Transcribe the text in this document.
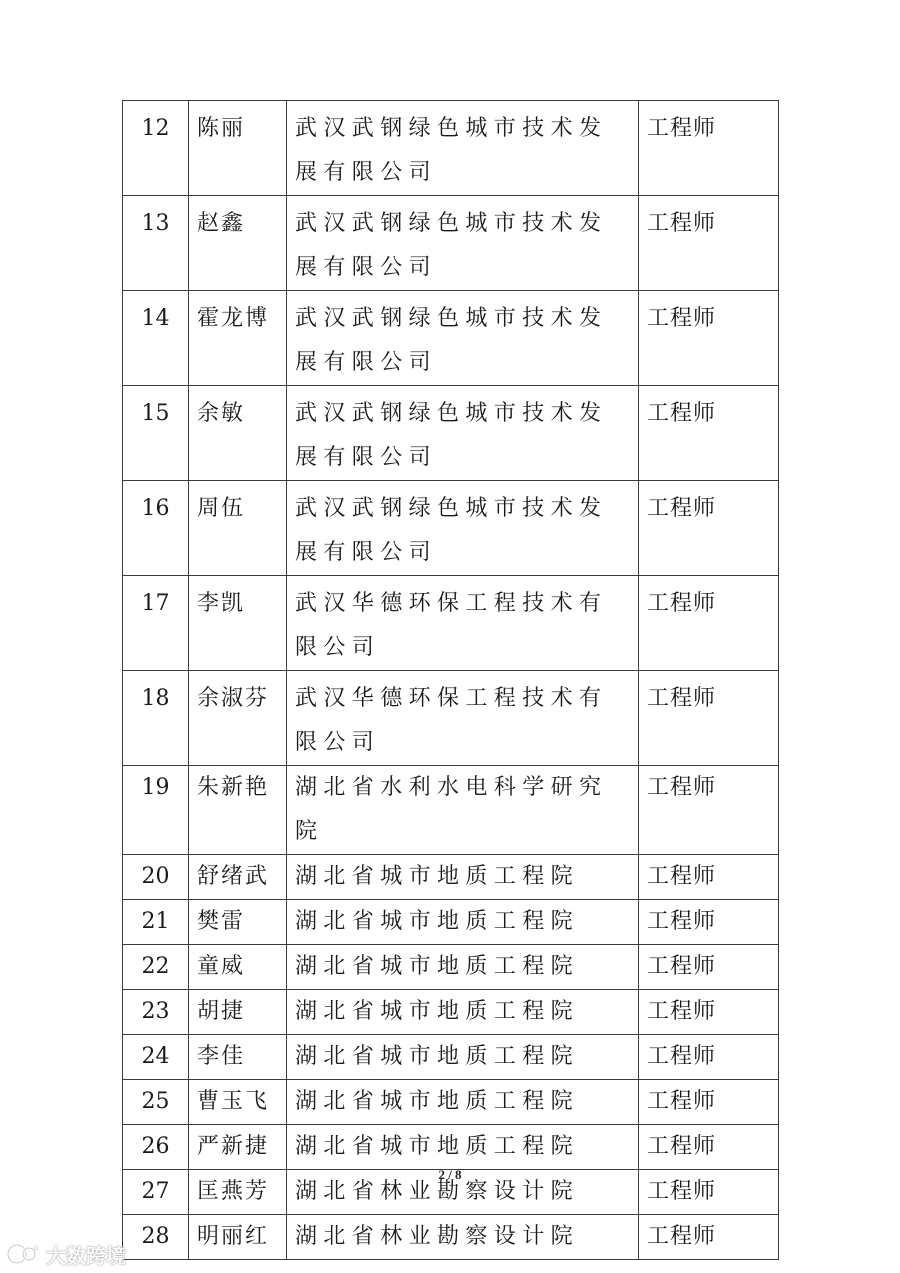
12	陈丽	武汉武钢绿色城市技术发展有限公司	工程师
13	赵鑫	武汉武钢绿色城市技术发展有限公司	工程师
14	霍龙博	武汉武钢绿色城市技术发展有限公司	工程师
15	余敏	武汉武钢绿色城市技术发展有限公司	工程师
16	周伍	武汉武钢绿色城市技术发展有限公司	工程师
17	李凯	武汉华德环保工程技术有限公司	工程师
18	余淑芬	武汉华德环保工程技术有限公司	工程师
19	朱新艳	湖北省水利水电科学研究院	工程师
20	舒绪武	湖北省城市地质工程院	工程师
21	樊雷	湖北省城市地质工程院	工程师
22	童威	湖北省城市地质工程院	工程师
23	胡捷	湖北省城市地质工程院	工程师
24	李佳	湖北省城市地质工程院	工程师
25	曹玉飞	湖北省城市地质工程院	工程师
26	严新捷	湖北省城市地质工程院	工程师
27	匡燕芳	湖北省林业勘察设计院	工程师
28	明丽红	湖北省林业勘察设计院	工程师
2 / 8
大数跨境
